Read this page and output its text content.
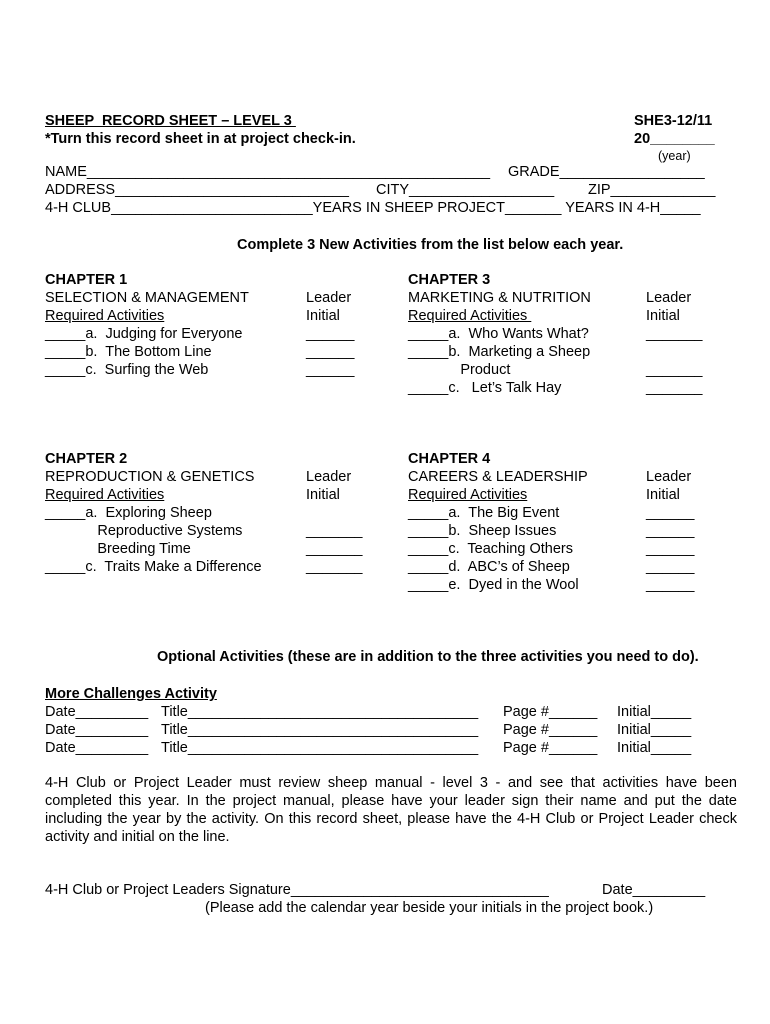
SHEEP  RECORD SHEET – LEVEL 3
*Turn this record sheet in at project check-in.
SHE3-12/11
20________
(year)
NAME__________________________________________________ GRADE__________________
ADDRESS_____________________________ CITY__________________ ZIP_____________
4-H CLUB_________________________YEARS IN SHEEP PROJECT_______ YEARS IN 4-H_____
Complete 3 New Activities from the list below each year.
CHAPTER 1
SELECTION & MANAGEMENT
Required Activities
_____a.  Judging for Everyone
_____b.  The Bottom Line
_____c.  Surfing the Web
Leader
Initial
______
______
______
CHAPTER 3
MARKETING & NUTRITION
Required Activities
_____a.  Who Wants What?
_____b.  Marketing a Sheep
Product
_____c.   Let’s Talk Hay
Leader
Initial
_______
_______
_______
CHAPTER 2
REPRODUCTION & GENETICS
Required Activities
_____a.  Exploring Sheep
Reproductive Systems
Breeding Time
_____c.  Traits Make a Difference
Leader
Initial
_______
_______
_______
CHAPTER 4
CAREERS & LEADERSHIP
Required Activities
_____a.  The Big Event
_____b.  Sheep Issues
_____c.  Teaching Others
_____d.  ABC’s of Sheep
_____e.  Dyed in the Wool
Leader
Initial
______
______
______
______
______
Optional Activities (these are in addition to the three activities you need to do).
More Challenges Activity
Date_________ Title____________________________________ Page #______ Initial_____
Date_________ Title____________________________________ Page #______ Initial_____
Date_________ Title____________________________________ Page #______ Initial_____
4-H Club or Project Leader must review sheep manual - level 3 - and see that activities have been completed this year. In the project manual, please have your leader sign their name and put the date including the year by the activity. On this record sheet, please have the 4-H Club or Project Leader check activity and initial on the line.
4-H Club or Project Leaders Signature________________________________	Date_________
(Please add the calendar year beside your initials in the project book.)
